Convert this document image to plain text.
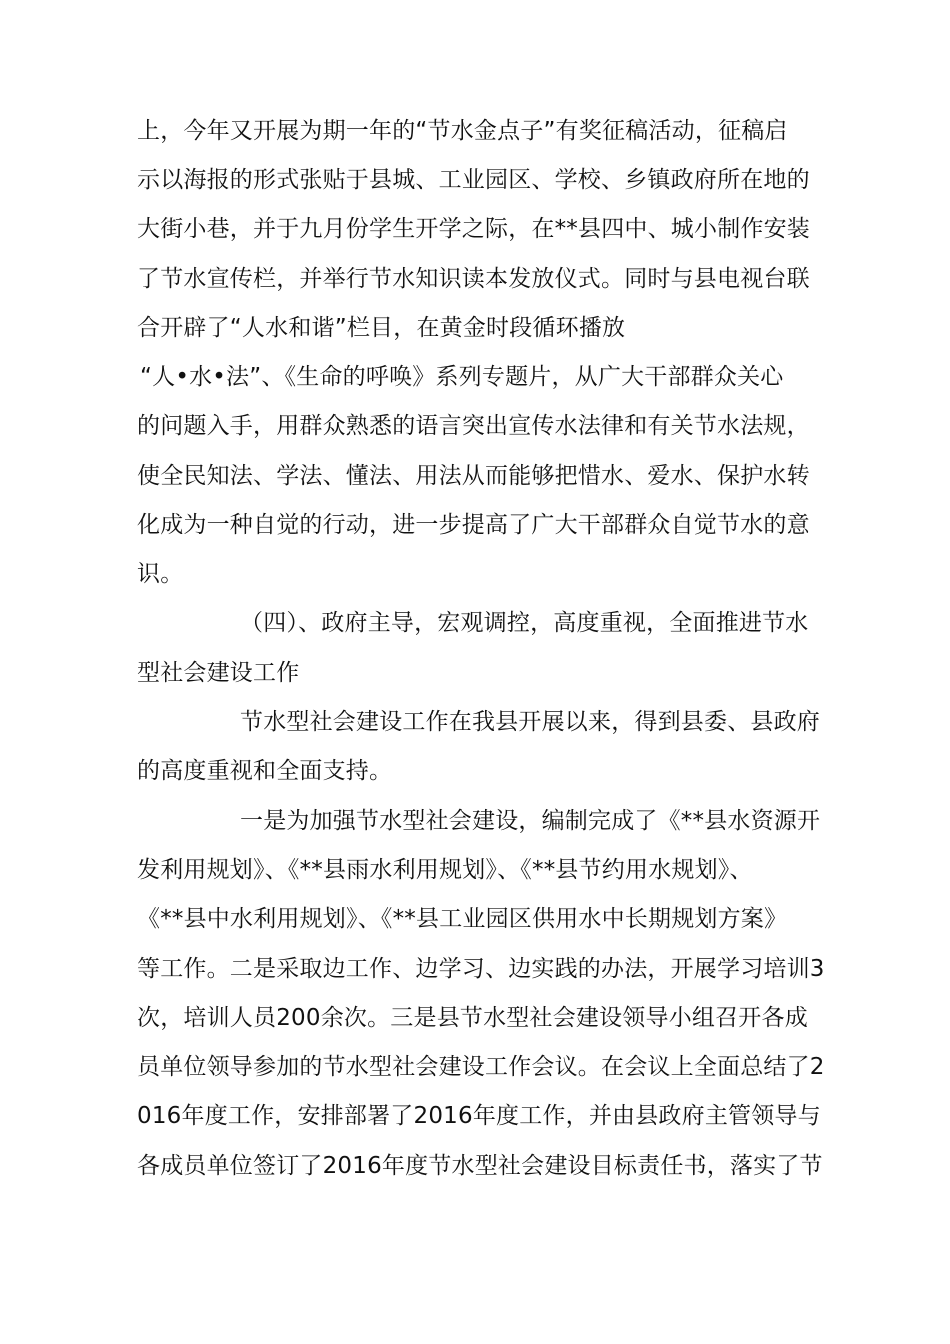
上，今年又开展为期一年的“节水金点子”有奖征稿活动，征稿启
示以海报的形式张贴于县城、工业园区、学校、乡镇政府所在地的
大街小巷，并于九月份学生开学之际，在**县四中、城小制作安装
了节水宣传栏，并举行节水知识读本发放仪式。同时与县电视台联
合开辟了“人水和谐”栏目，在黄金时段循环播放
“人•水•法”、《生命的呼唤》系列专题片，从广大干部群众关心
的问题入手，用群众熟悉的语言突出宣传水法律和有关节水法规，
使全民知法、学法、懂法、用法从而能够把惜水、爱水、保护水转
化成为一种自觉的行动，进一步提高了广大干部群众自觉节水的意
识。
（四）、政府主导，宏观调控，高度重视，全面推进节水
型社会建设工作
节水型社会建设工作在我县开展以来，得到县委、县政府
的高度重视和全面支持。
一是为加强节水型社会建设，编制完成了《**县水资源开
发利用规划》、《**县雨水利用规划》、《**县节约用水规划》、
《**县中水利用规划》、《**县工业园区供用水中长期规划方案》
等工作。二是采取边工作、边学习、边实践的办法，开展学习培训3
次，培训人员200余次。三是县节水型社会建设领导小组召开各成
员单位领导参加的节水型社会建设工作会议。在会议上全面总结了2
016年度工作，安排部署了2016年度工作，并由县政府主管领导与
各成员单位签订了2016年度节水型社会建设目标责任书，落实了节
